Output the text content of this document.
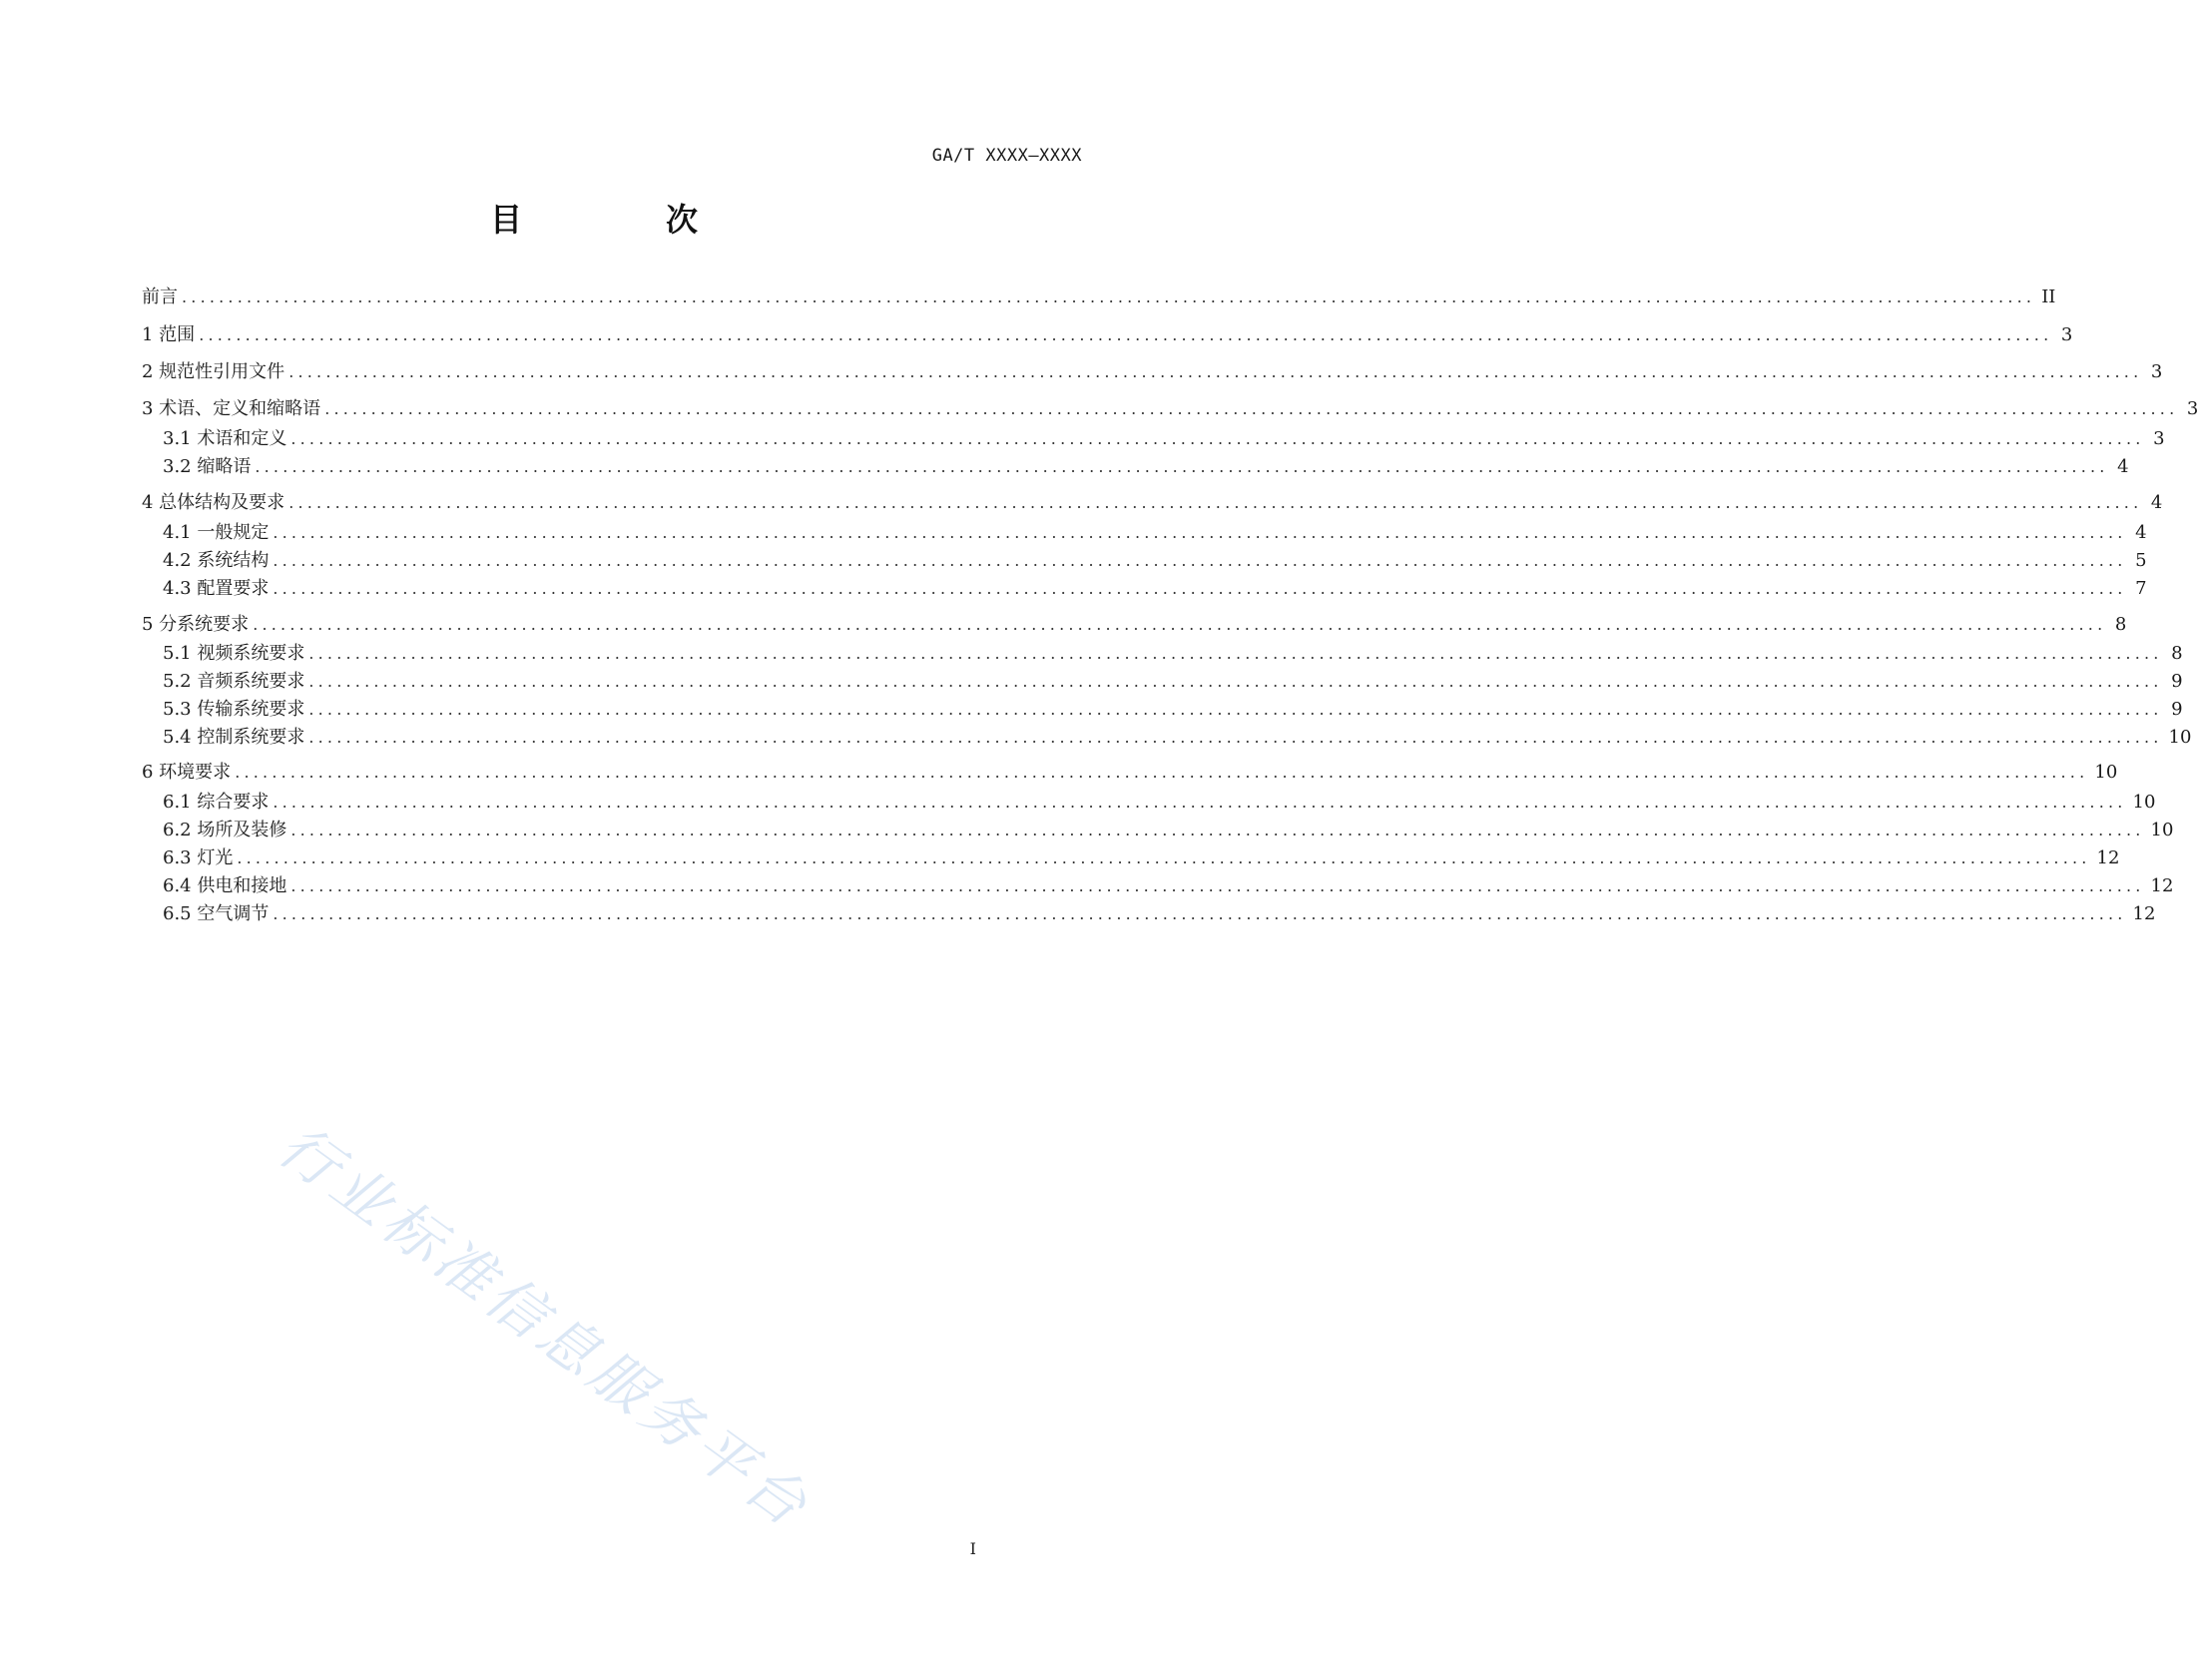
GA/T XXXX—XXXX
目　次
前言 ........................................................................................................................................................................................................ II
1 范围 ........................................................................................................................................................................................................ 3
2 规范性引用文件 ........................................................................................................................................................................................................ 3
3 术语、定义和缩略语 ........................................................................................................................................................................................................ 3
3.1 术语和定义 ........................................................................................................................................................................................................ 3
3.2 缩略语 ........................................................................................................................................................................................................ 4
4 总体结构及要求 ........................................................................................................................................................................................................ 4
4.1 一般规定 ........................................................................................................................................................................................................ 4
4.2 系统结构 ........................................................................................................................................................................................................ 5
4.3 配置要求 ........................................................................................................................................................................................................ 7
5 分系统要求 ........................................................................................................................................................................................................ 8
5.1 视频系统要求 ........................................................................................................................................................................................................ 8
5.2 音频系统要求 ........................................................................................................................................................................................................ 9
5.3 传输系统要求 ........................................................................................................................................................................................................ 9
5.4 控制系统要求 ........................................................................................................................................................................................................ 10
6 环境要求 ........................................................................................................................................................................................................ 10
6.1 综合要求 ........................................................................................................................................................................................................ 10
6.2 场所及装修 ........................................................................................................................................................................................................ 10
6.3 灯光 ........................................................................................................................................................................................................ 12
6.4 供电和接地 ........................................................................................................................................................................................................ 12
6.5 空气调节 ........................................................................................................................................................................................................ 12
行业标准信息服务平台
I
